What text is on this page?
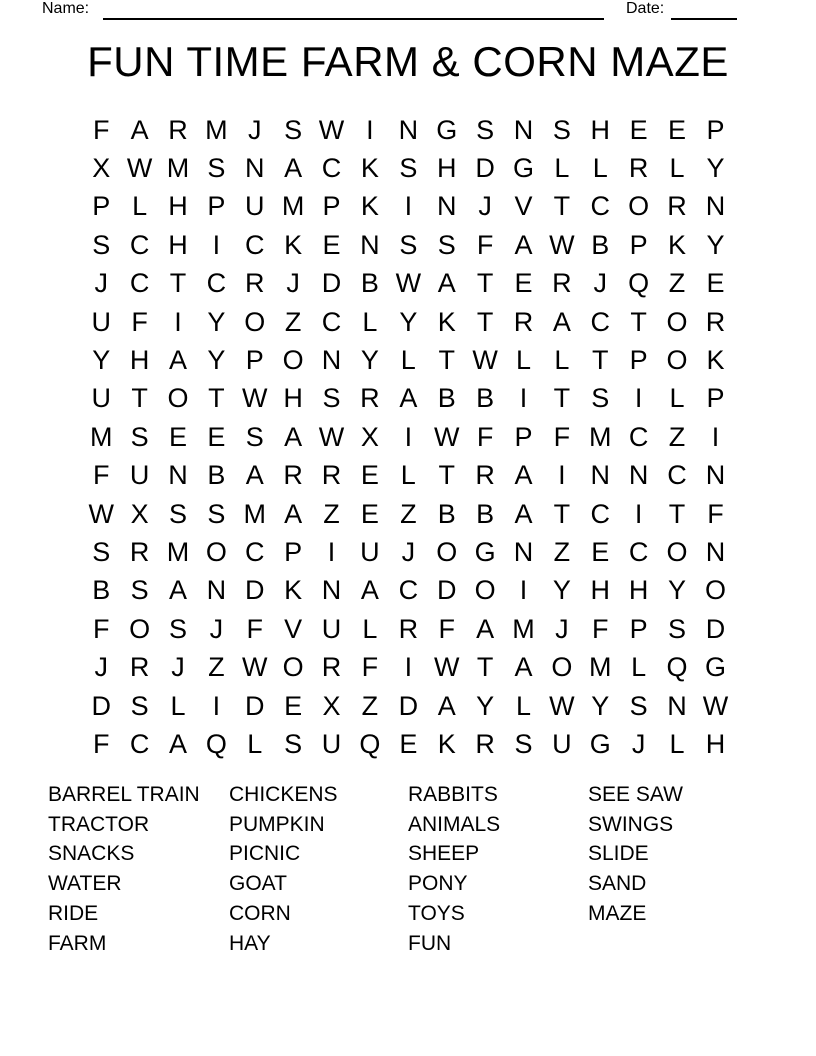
Name:	Date:
FUN TIME FARM & CORN MAZE
F A R M J S W I N G S N S H E E P
X W M S N A C K S H D G L L R L Y
P L H P U M P K I N J V T C O R N
S C H I C K E N S S F A W B P K Y
J C T C R J D B W A T E R J Q Z E
U F I Y O Z C L Y K T R A C T O R
Y H A Y P O N Y L T W L L T P O K
U T O T W H S R A B B I T S I	L P
M S E E S A W X I W F P F M C Z I
F U N B A R R E L T R A I N N C N
W X S S M A Z E Z B B A T C I T F
S R M O C P I U J O G N Z E C O N
B S A N D K N A C D O I Y H H Y O
F O S J F V U L R F A M J F P S D
J R J Z W O R F I W T A O M L Q G
D S L	I D E X Z D A Y L W Y S N W
F C A Q L S U Q E K R S U G J L H
BARREL TRAIN
TRACTOR
SNACKS
WATER
RIDE
FARM
CHICKENS
PUMPKIN
PICNIC
GOAT
CORN
HAY
RABBITS
ANIMALS
SHEEP
PONY
TOYS
FUN
SEE SAW
SWINGS
SLIDE
SAND
MAZE
